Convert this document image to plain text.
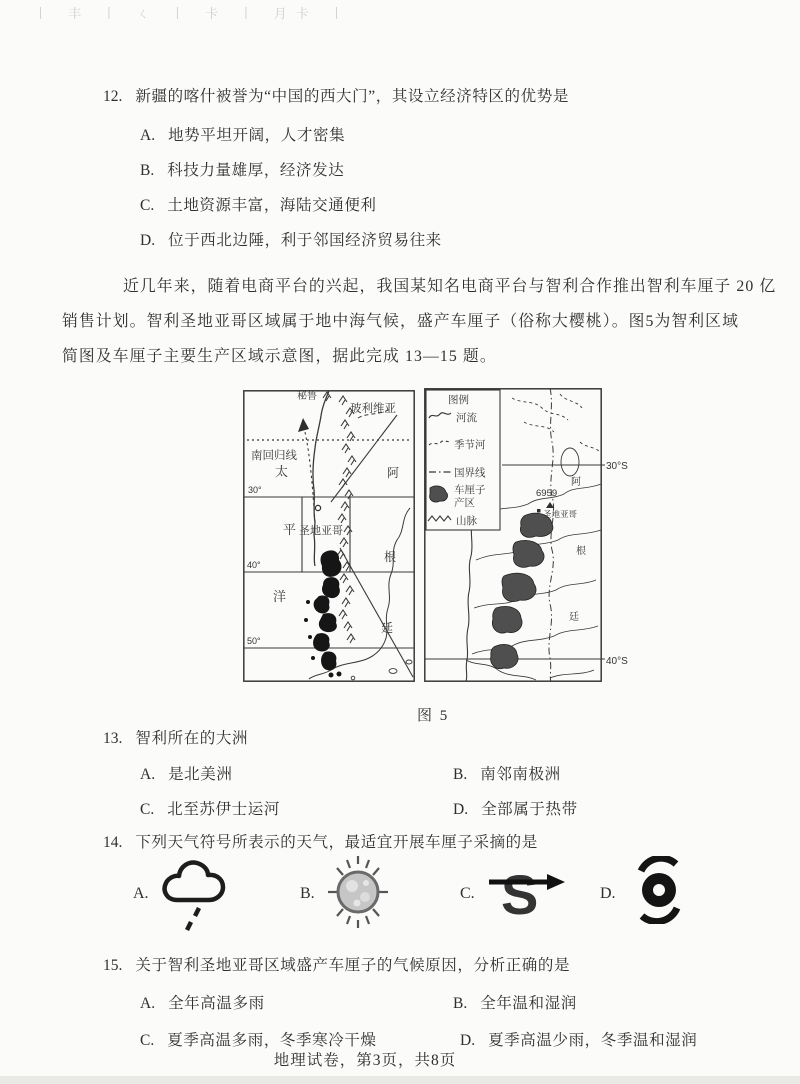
丨 丰 丨 ㄑ 丨 卡 丨 月卡 丨
12. 新疆的喀什被誉为“中国的西大门”，其设立经济特区的优势是
A. 地势平坦开阔，人才密集
B. 科技力量雄厚，经济发达
C. 土地资源丰富，海陆交通便利
D. 位于西北边陲，利于邻国经济贸易往来
近几年来，随着电商平台的兴起，我国某知名电商平台与智利合作推出智利车厘子 20 亿
销售计划。智利圣地亚哥区域属于地中海气候，盛产车厘子（俗称大樱桃）。图5为智利区域
简图及车厘子主要生产区域示意图，据此完成 13—15 题。
秘鲁
玻利维亚
南回归线
太
平
洋
阿
根
廷
圣地亚哥
30°
40°
50°
30°S
40°S
6959
圣地亚哥
阿
根
廷
图例
河流
季节河
国界线
车厘子
产区
山脉
图 5
13. 智利所在的大洲
A. 是北美洲	B. 南邻南极洲
C. 北至苏伊士运河	D. 全部属于热带
14. 下列天气符号所表示的天气，最适宜开展车厘子采摘的是
A.	B.	C. S	D.
15. 关于智利圣地亚哥区域盛产车厘子的气候原因，分析正确的是
A. 全年高温多雨	B. 全年温和湿润
C. 夏季高温多雨，冬季寒冷干燥	D. 夏季高温少雨，冬季温和湿润
地理试卷，第3页，共8页
